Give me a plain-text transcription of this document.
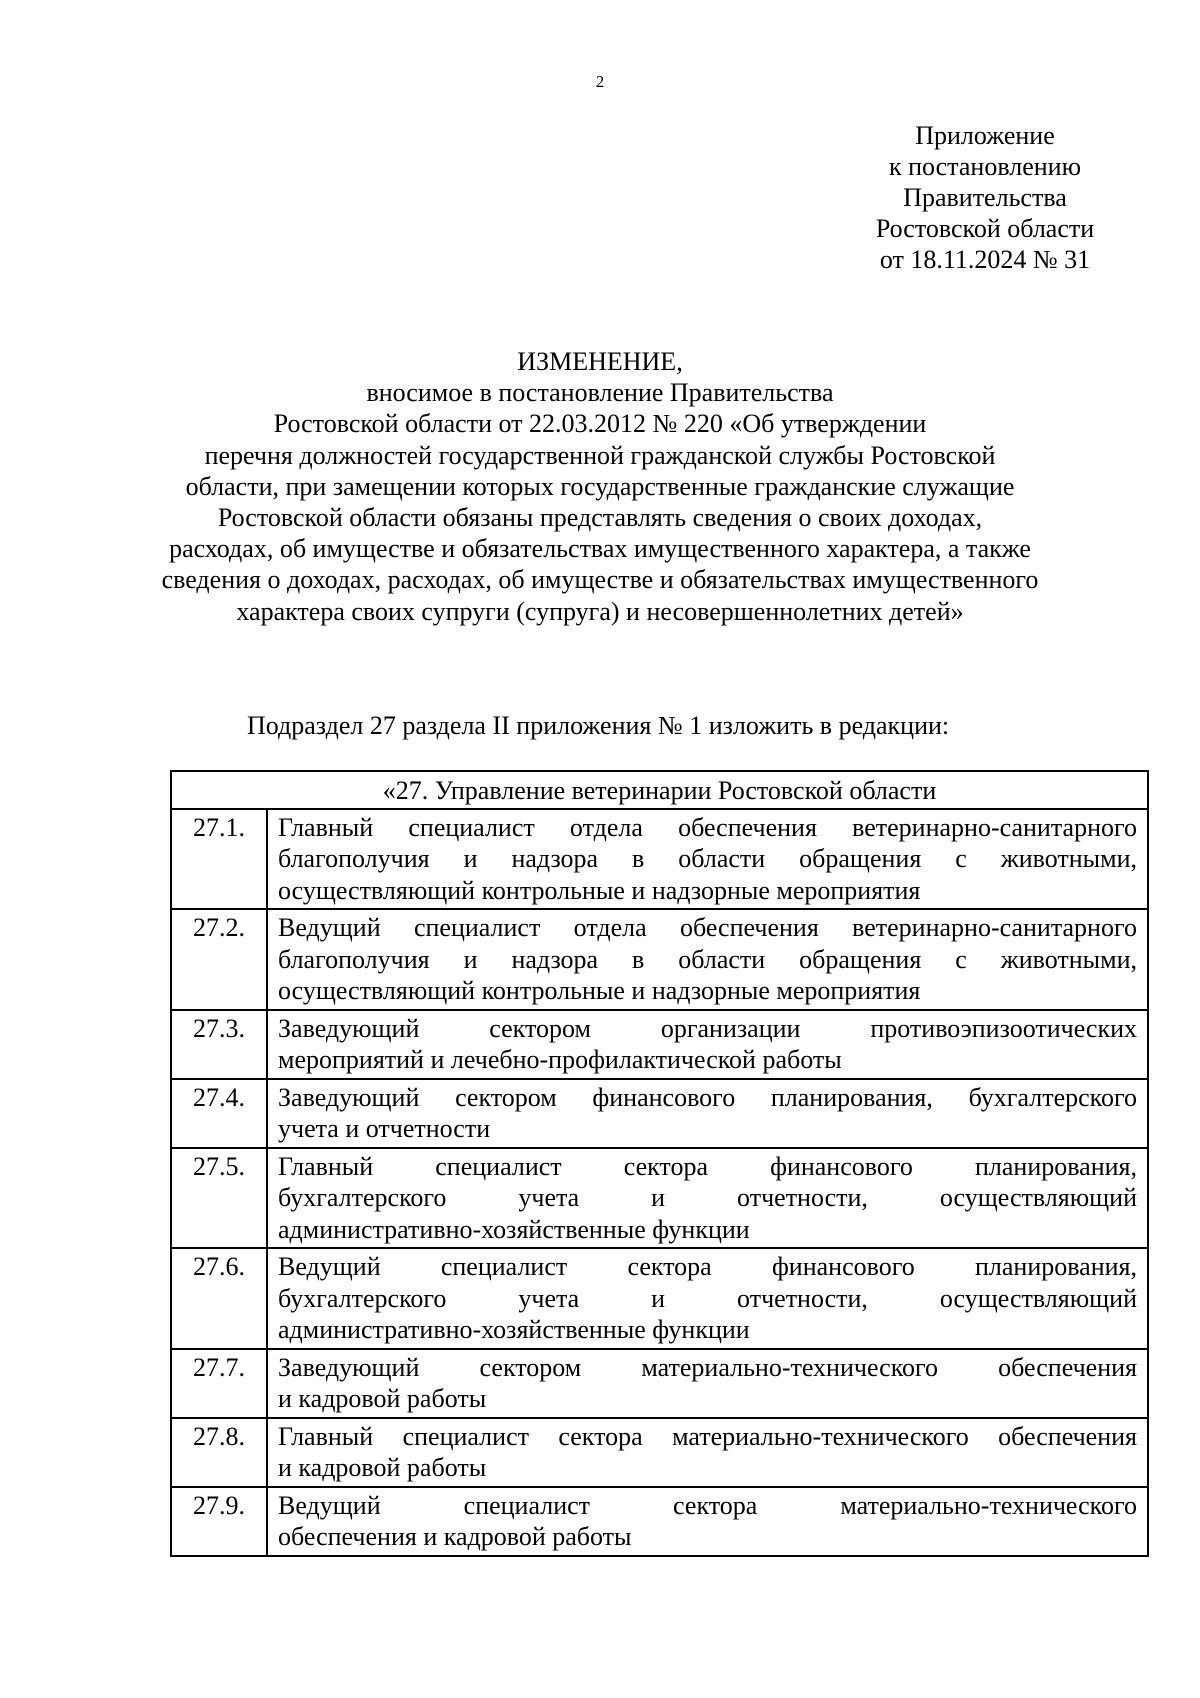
2
Приложение
к постановлению
Правительства
Ростовской области
от 18.11.2024 № 31
ИЗМЕНЕНИЕ,
вносимое в постановление Правительства
Ростовской области от 22.03.2012 № 220 «Об утверждении
перечня должностей государственной гражданской службы Ростовской
области, при замещении которых государственные гражданские служащие
Ростовской области обязаны представлять сведения о своих доходах,
расходах, об имуществе и обязательствах имущественного характера, а также
сведения о доходах, расходах, об имуществе и обязательствах имущественного
характера своих супруги (супруга) и несовершеннолетних детей»
Подраздел 27 раздела II приложения № 1 изложить в редакции:
«27. Управление ветеринарии Ростовской области	
27.1.	Главный специалист отдела обеспечения ветеринарно-санитарного
благополучия и надзора в области обращения с животными,
осуществляющий контрольные и надзорные мероприятия

27.2.	Ведущий специалист отдела обеспечения ветеринарно-санитарного
благополучия и надзора в области обращения с животными,
осуществляющий контрольные и надзорные мероприятия

27.3.	Заведующий сектором организации противоэпизоотических
мероприятий и лечебно-профилактической работы

27.4.	Заведующий сектором финансового планирования, бухгалтерского
учета и отчетности

27.5.	Главный специалист сектора финансового планирования,
бухгалтерского учета и отчетности, осуществляющий
административно-хозяйственные функции

27.6.	Ведущий специалист сектора финансового планирования,
бухгалтерского учета и отчетности, осуществляющий
административно-хозяйственные функции

27.7.	Заведующий сектором материально-технического обеспечения
и кадровой работы

27.8.	Главный специалист сектора материально-технического обеспечения
и кадровой работы

27.9.	Ведущий специалист сектора материально-технического
обеспечения и кадровой работы
